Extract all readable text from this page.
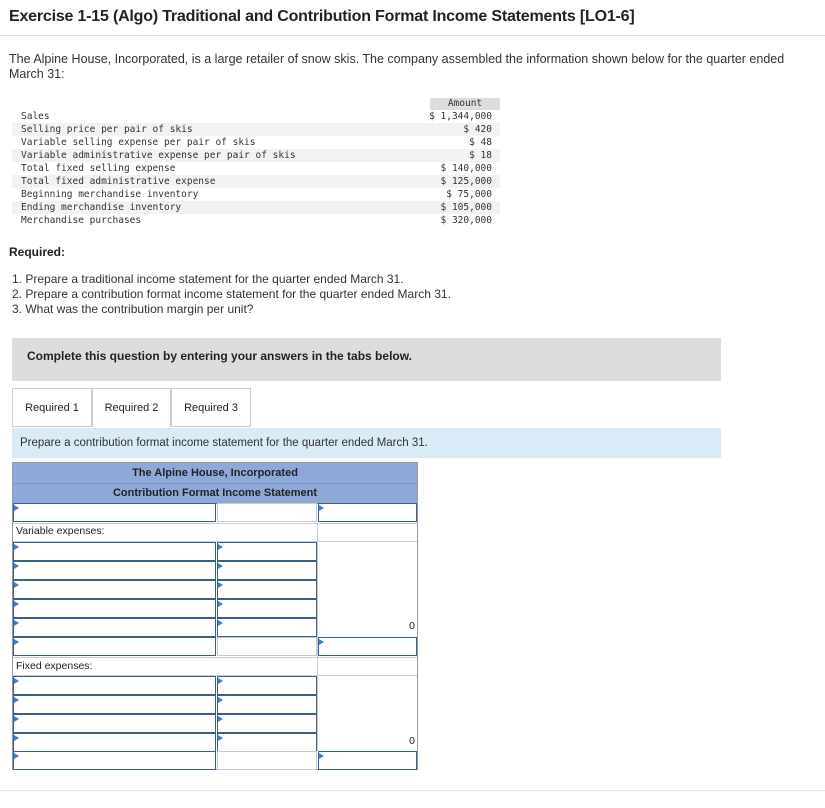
Exercise 1-15 (Algo) Traditional and Contribution Format Income Statements [LO1-6]
The Alpine House, Incorporated, is a large retailer of snow skis. The company assembled the information shown below for the quarter ended March 31:
Amount
Sales	$ 1,344,000
Selling price per pair of skis	$ 420
Variable selling expense per pair of skis	$ 48
Variable administrative expense per pair of skis	$ 18
Total fixed selling expense	$ 140,000
Total fixed administrative expense	$ 125,000
Beginning merchandise inventory	$ 75,000
Ending merchandise inventory	$ 105,000
Merchandise purchases	$ 320,000
Required:
1. Prepare a traditional income statement for the quarter ended March 31.
2. Prepare a contribution format income statement for the quarter ended March 31.
3. What was the contribution margin per unit?
Complete this question by entering your answers in the tabs below.
Required 1	Required 2	Required 3
Prepare a contribution format income statement for the quarter ended March 31.
The Alpine House, Incorporated
Contribution Format Income Statement
Variable expenses:
0
Fixed expenses:
0
